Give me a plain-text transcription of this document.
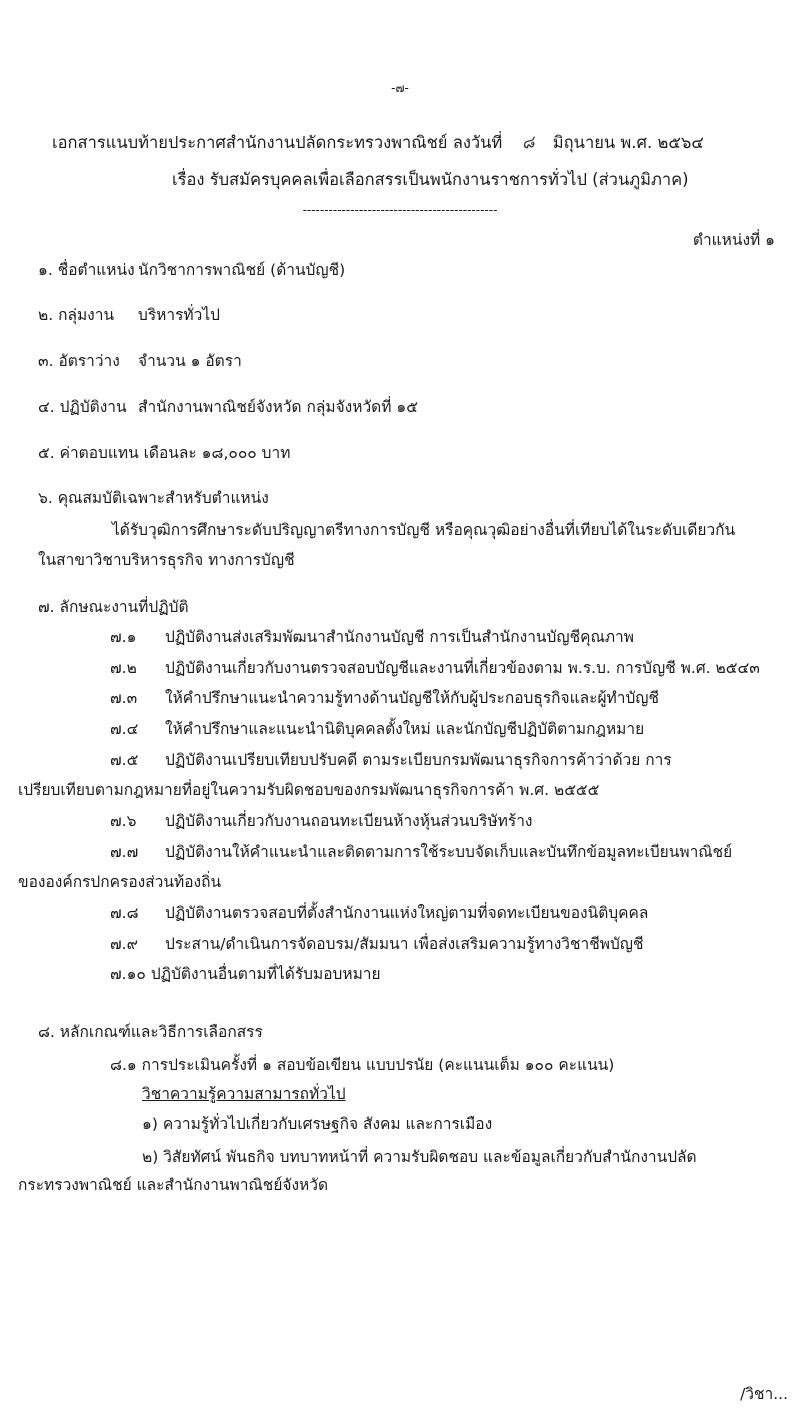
-๗-
เอกสารแนบท้ายประกาศสำนักงานปลัดกระทรวงพาณิชย์ ลงวันที่ ๘ มิถุนายน พ.ศ. ๒๕๖๔
เรื่อง รับสมัครบุคคลเพื่อเลือกสรรเป็นพนักงานราชการทั่วไป (ส่วนภูมิภาค)
---------------------------------------------
ตำแหน่งที่ ๑
๑. ชื่อตำแหน่ง นักวิชาการพาณิชย์ (ด้านบัญชี)
๒. กลุ่มงาน บริหารทั่วไป
๓. อัตราว่าง จำนวน ๑ อัตรา
๔. ปฏิบัติงาน สำนักงานพาณิชย์จังหวัด กลุ่มจังหวัดที่ ๑๕
๕. ค่าตอบแทน เดือนละ ๑๘,๐๐๐ บาท
๖. คุณสมบัติเฉพาะสำหรับตำแหน่ง
ได้รับวุฒิการศึกษาระดับปริญญาตรีทางการบัญชี หรือคุณวุฒิอย่างอื่นที่เทียบได้ในระดับเดียวกัน
ในสาขาวิชาบริหารธุรกิจ ทางการบัญชี
๗. ลักษณะงานที่ปฏิบัติ
๗.๑ ปฏิบัติงานส่งเสริมพัฒนาสำนักงานบัญชี การเป็นสำนักงานบัญชีคุณภาพ
๗.๒ ปฏิบัติงานเกี่ยวกับงานตรวจสอบบัญชีและงานที่เกี่ยวข้องตาม พ.ร.บ. การบัญชี พ.ศ. ๒๕๔๓
๗.๓ ให้คำปรึกษาแนะนำความรู้ทางด้านบัญชีให้กับผู้ประกอบธุรกิจและผู้ทำบัญชี
๗.๔ ให้คำปรึกษาและแนะนำนิติบุคคลตั้งใหม่ และนักบัญชีปฏิบัติตามกฎหมาย
๗.๕ ปฏิบัติงานเปรียบเทียบปรับคดี ตามระเบียบกรมพัฒนาธุรกิจการค้าว่าด้วย การ
เปรียบเทียบตามกฎหมายที่อยู่ในความรับผิดชอบของกรมพัฒนาธุรกิจการค้า พ.ศ. ๒๕๕๕
๗.๖ ปฏิบัติงานเกี่ยวกับงานถอนทะเบียนห้างหุ้นส่วนบริษัทร้าง
๗.๗ ปฏิบัติงานให้คำแนะนำและติดตามการใช้ระบบจัดเก็บและบันทึกข้อมูลทะเบียนพาณิชย์
ขององค์กรปกครองส่วนท้องถิ่น
๗.๘ ปฏิบัติงานตรวจสอบที่ตั้งสำนักงานแห่งใหญ่ตามที่จดทะเบียนของนิติบุคคล
๗.๙ ประสาน/ดำเนินการจัดอบรม/สัมมนา เพื่อส่งเสริมความรู้ทางวิชาชีพบัญชี
๗.๑๐ ปฏิบัติงานอื่นตามที่ได้รับมอบหมาย
๘. หลักเกณฑ์และวิธีการเลือกสรร
๘.๑ การประเมินครั้งที่ ๑ สอบข้อเขียน แบบปรนัย (คะแนนเต็ม ๑๐๐ คะแนน)
วิชาความรู้ความสามารถทั่วไป
๑) ความรู้ทั่วไปเกี่ยวกับเศรษฐกิจ สังคม และการเมือง
๒) วิสัยทัศน์ พันธกิจ บทบาทหน้าที่ ความรับผิดชอบ และข้อมูลเกี่ยวกับสำนักงานปลัด
กระทรวงพาณิชย์ และสำนักงานพาณิชย์จังหวัด
/วิชา...
